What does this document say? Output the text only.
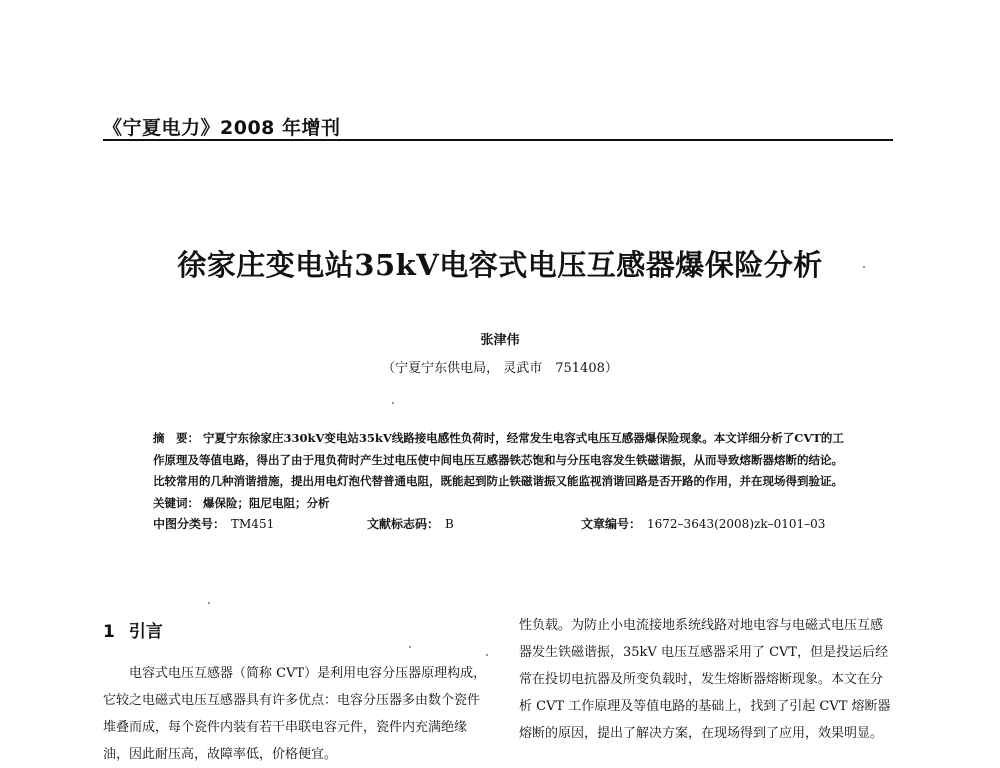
《宁夏电力》2008 年增刊
徐家庄变电站35kV电容式电压互感器爆保险分析
张津伟
（宁夏宁东供电局， 灵武市　751408）

摘　要： 宁夏宁东徐家庄330kV变电站35kV线路接电感性负荷时，经常发生电容式电压互感器爆保险现象。本文详细分析了CVT的工作原理及等值电路，得出了由于甩负荷时产生过电压使中间电压互感器铁芯饱和与分压电容发生铁磁谐振，从而导致熔断器熔断的结论。比较常用的几种消谐措施，提出用电灯泡代替普通电阻，既能起到防止铁磁谐振又能监视消谐回路是否开路的作用，并在现场得到验证。

关键词： 爆保险；阻尼电阻；分析

中图分类号： TM451	文献标志码： B	文章编号： 1672–3643(2008)zk–0101–03
1 引言

电容式电压互感器（简称 CVT）是利用电容分压器原理构成，它较之电磁式电压互感器具有许多优点：电容分压器多由数个瓷件堆叠而成，每个瓷件内装有若干串联电容元件，瓷件内充满绝缘油，因此耐压高，故障率低，价格便宜。

性负载。为防止小电流接地系统线路对地电容与电磁式电压互感器发生铁磁谐振，35kV 电压互感器采用了 CVT，但是投运后经常在投切电抗器及所变负载时，发生熔断器熔断现象。本文在分析 CVT 工作原理及等值电路的基础上，找到了引起 CVT 熔断器熔断的原因，提出了解决方案，在现场得到了应用，效果明显。
